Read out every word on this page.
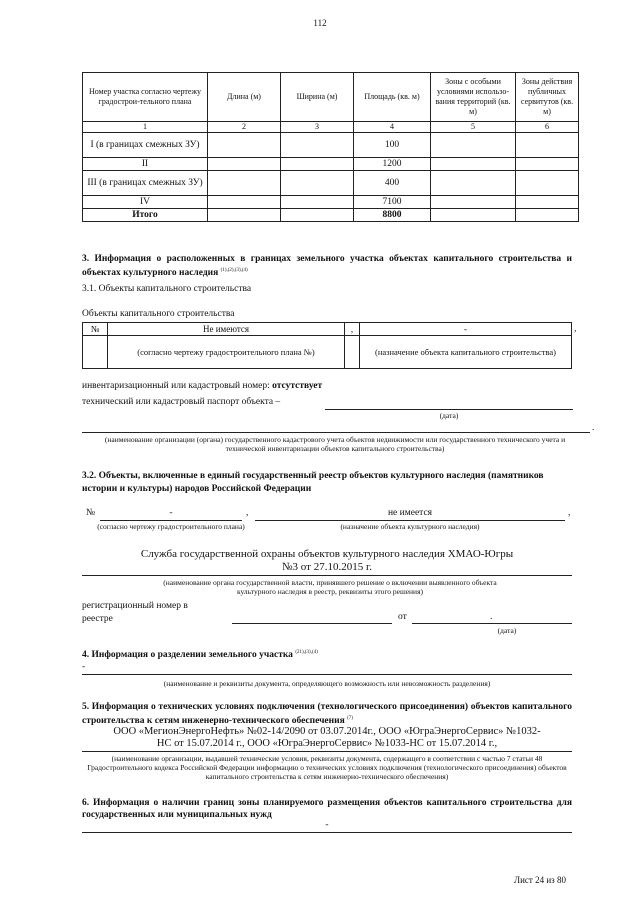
112
Номер участка согласно чертежу градострои-тельного плана	Длина (м)	Ширина (м)	Площадь (кв. м)	Зоны с особыми условиями использо-вания территорий (кв. м)	Зоны действия публичных сервитутов (кв. м)
1	2	3	4	5	6
I (в границах смежных ЗУ)			100		
II			1200		
III (в границах смежных ЗУ)			400		
IV			7100		
Итого			8800		
3. Информация о расположенных в границах земельного участка объектах капитального строительства и объектах культурного наследия $^{(1),(2),(3),(4)}$
3.1. Объекты капитального строительства
Объекты капитального строительства
№	Не имеются	,	-
	(согласно чертежу градостроительного плана №)		(назначение объекта капитального строительства)
,
инвентаризационный или кадастровый номер: отсутствует
технический или кадастровый паспорт объекта –
(дата)
.
(наименование организации (органа) государственного кадастрового учета объектов недвижимости или государственного технического учета и технической инвентаризации объектов капитального строительства)
3.2. Объекты, включенные в единый государственный реестр объектов культурного наследия (памятников истории и культуры) народов Российской Федерации
№	-	,	не имеется	,
(согласно чертежу градостроительного плана)	(назначение объекта культурного наследия)
Служба государственной охраны объектов культурного наследия ХМАО-Югры
№3 от 27.10.2015 г.
(наименование органа государственной власти, принявшего решение о включении выявленного объекта культурного наследия в реестр, реквизиты этого решения)
регистрационный номер в
реестре	от	.
(дата)
4. Информация о разделении земельного участка $^{(21),(3),(4)}$
-
(наименование и реквизиты документа, определяющего возможность или невозможность разделения)
5. Информация о технических условиях подключения (технологического присоединения) объектов капитального строительства к сетям инженерно-технического обеспечения $^{(7)}$
ООО «МегионЭнергоНефть» №02-14/2090 от 03.07.2014г., ООО «ЮграЭнергоСервис» №1032-
НС от 15.07.2014 г., ООО «ЮграЭнергоСервис» №1033-НС от 15.07.2014 г.,
(наименование организации, выдавшей технические условия, реквизиты документа, содержащего в соответствии с частью 7 статьи 48 Градостроительного кодекса Российской Федерации информацию о технических условиях подключения (технологического присоединения) объектов капитального строительства к сетям инженерно-технического обеспечения)
6. Информация о наличии границ зоны планируемого размещения объектов капитального строительства для государственных или муниципальных нужд
-
Лист 24 из 80
